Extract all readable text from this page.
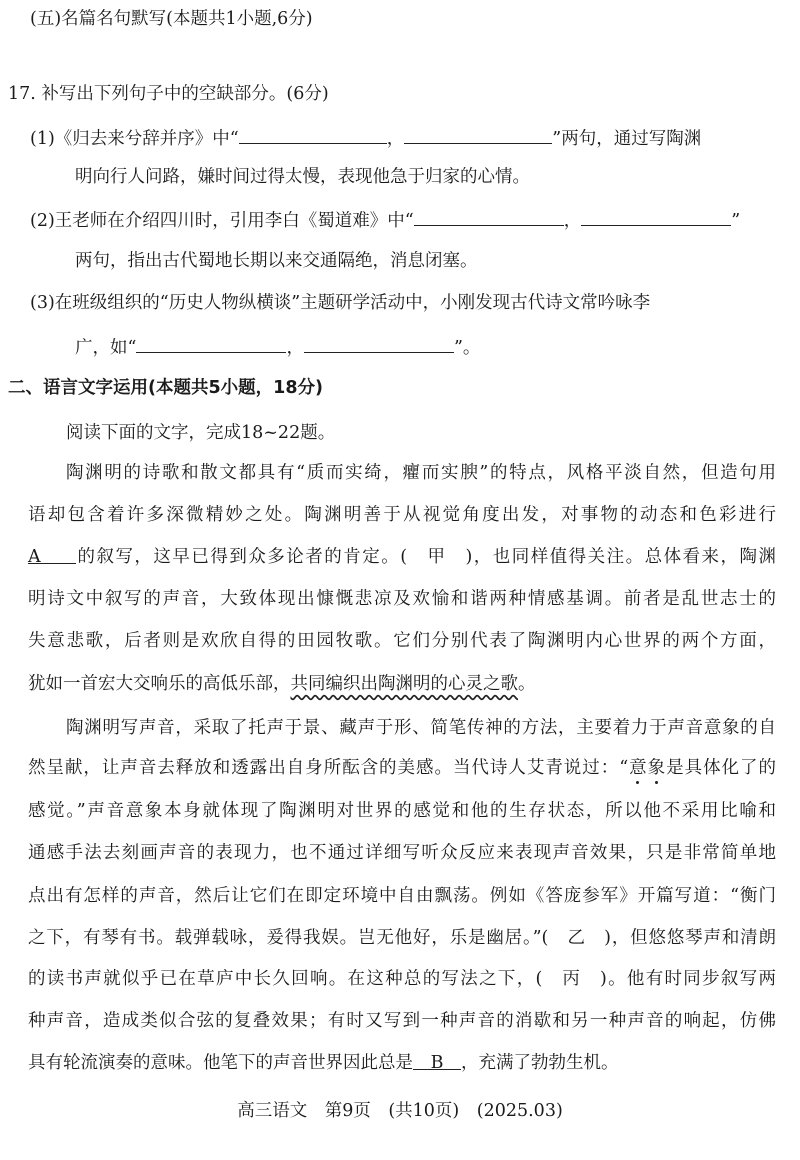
(五)名篇名句默写(本题共1小题,6分)
17. 补写出下列句子中的空缺部分。(6分)
(1)《归去来兮辞并序》中“	，	”两句，通过写陶渊
明向行人问路，嫌时间过得太慢，表现他急于归家的心情。
(2)王老师在介绍四川时，引用李白《蜀道难》中“	，	”
两句，指出古代蜀地长期以来交通隔绝，消息闭塞。
(3)在班级组织的“历史人物纵横谈”主题研学活动中，小刚发现古代诗文常吟咏李
广，如“	，	”。
二、语言文字运用(本题共5小题，18分)
阅读下面的文字，完成18~22题。
陶渊明的诗歌和散文都具有“质而实绮，癯而实腴”的特点，风格平淡自然，但造句用
语却包含着许多深微精妙之处。陶渊明善于从视觉角度出发，对事物的动态和色彩进行
A 的叙写，这早已得到众多论者的肯定。(　甲　)，也同样值得关注。总体看来，陶渊
明诗文中叙写的声音，大致体现出慷慨悲凉及欢愉和谐两种情感基调。前者是乱世志士的
失意悲歌，后者则是欢欣自得的田园牧歌。它们分别代表了陶渊明内心世界的两个方面，
犹如一首宏大交响乐的高低乐部，共同编织出陶渊明的心灵之歌。
陶渊明写声音，采取了托声于景、藏声于形、简笔传神的方法，主要着力于声音意象的自
然呈献，让声音去释放和透露出自身所酝含的美感。当代诗人艾青说过：“意象是具体化了的
感觉。”声音意象本身就体现了陶渊明对世界的感觉和他的生存状态，所以他不采用比喻和
通感手法去刻画声音的表现力，也不通过详细写听众反应来表现声音效果，只是非常简单地
点出有怎样的声音，然后让它们在即定环境中自由飘荡。例如《答庞参军》开篇写道：“衡门
之下，有琴有书。载弹载咏，爰得我娱。岂无他好，乐是幽居。”(　乙　)，但悠悠琴声和清朗
的读书声就似乎已在草庐中长久回响。在这种总的写法之下，(　丙　)。他有时同步叙写两
种声音，造成类似合弦的复叠效果；有时又写到一种声音的消歇和另一种声音的响起，仿佛
具有轮流演奏的意味。他笔下的声音世界因此总是 B ，充满了勃勃生机。
高三语文　第9页　(共10页)　(2025.03)
